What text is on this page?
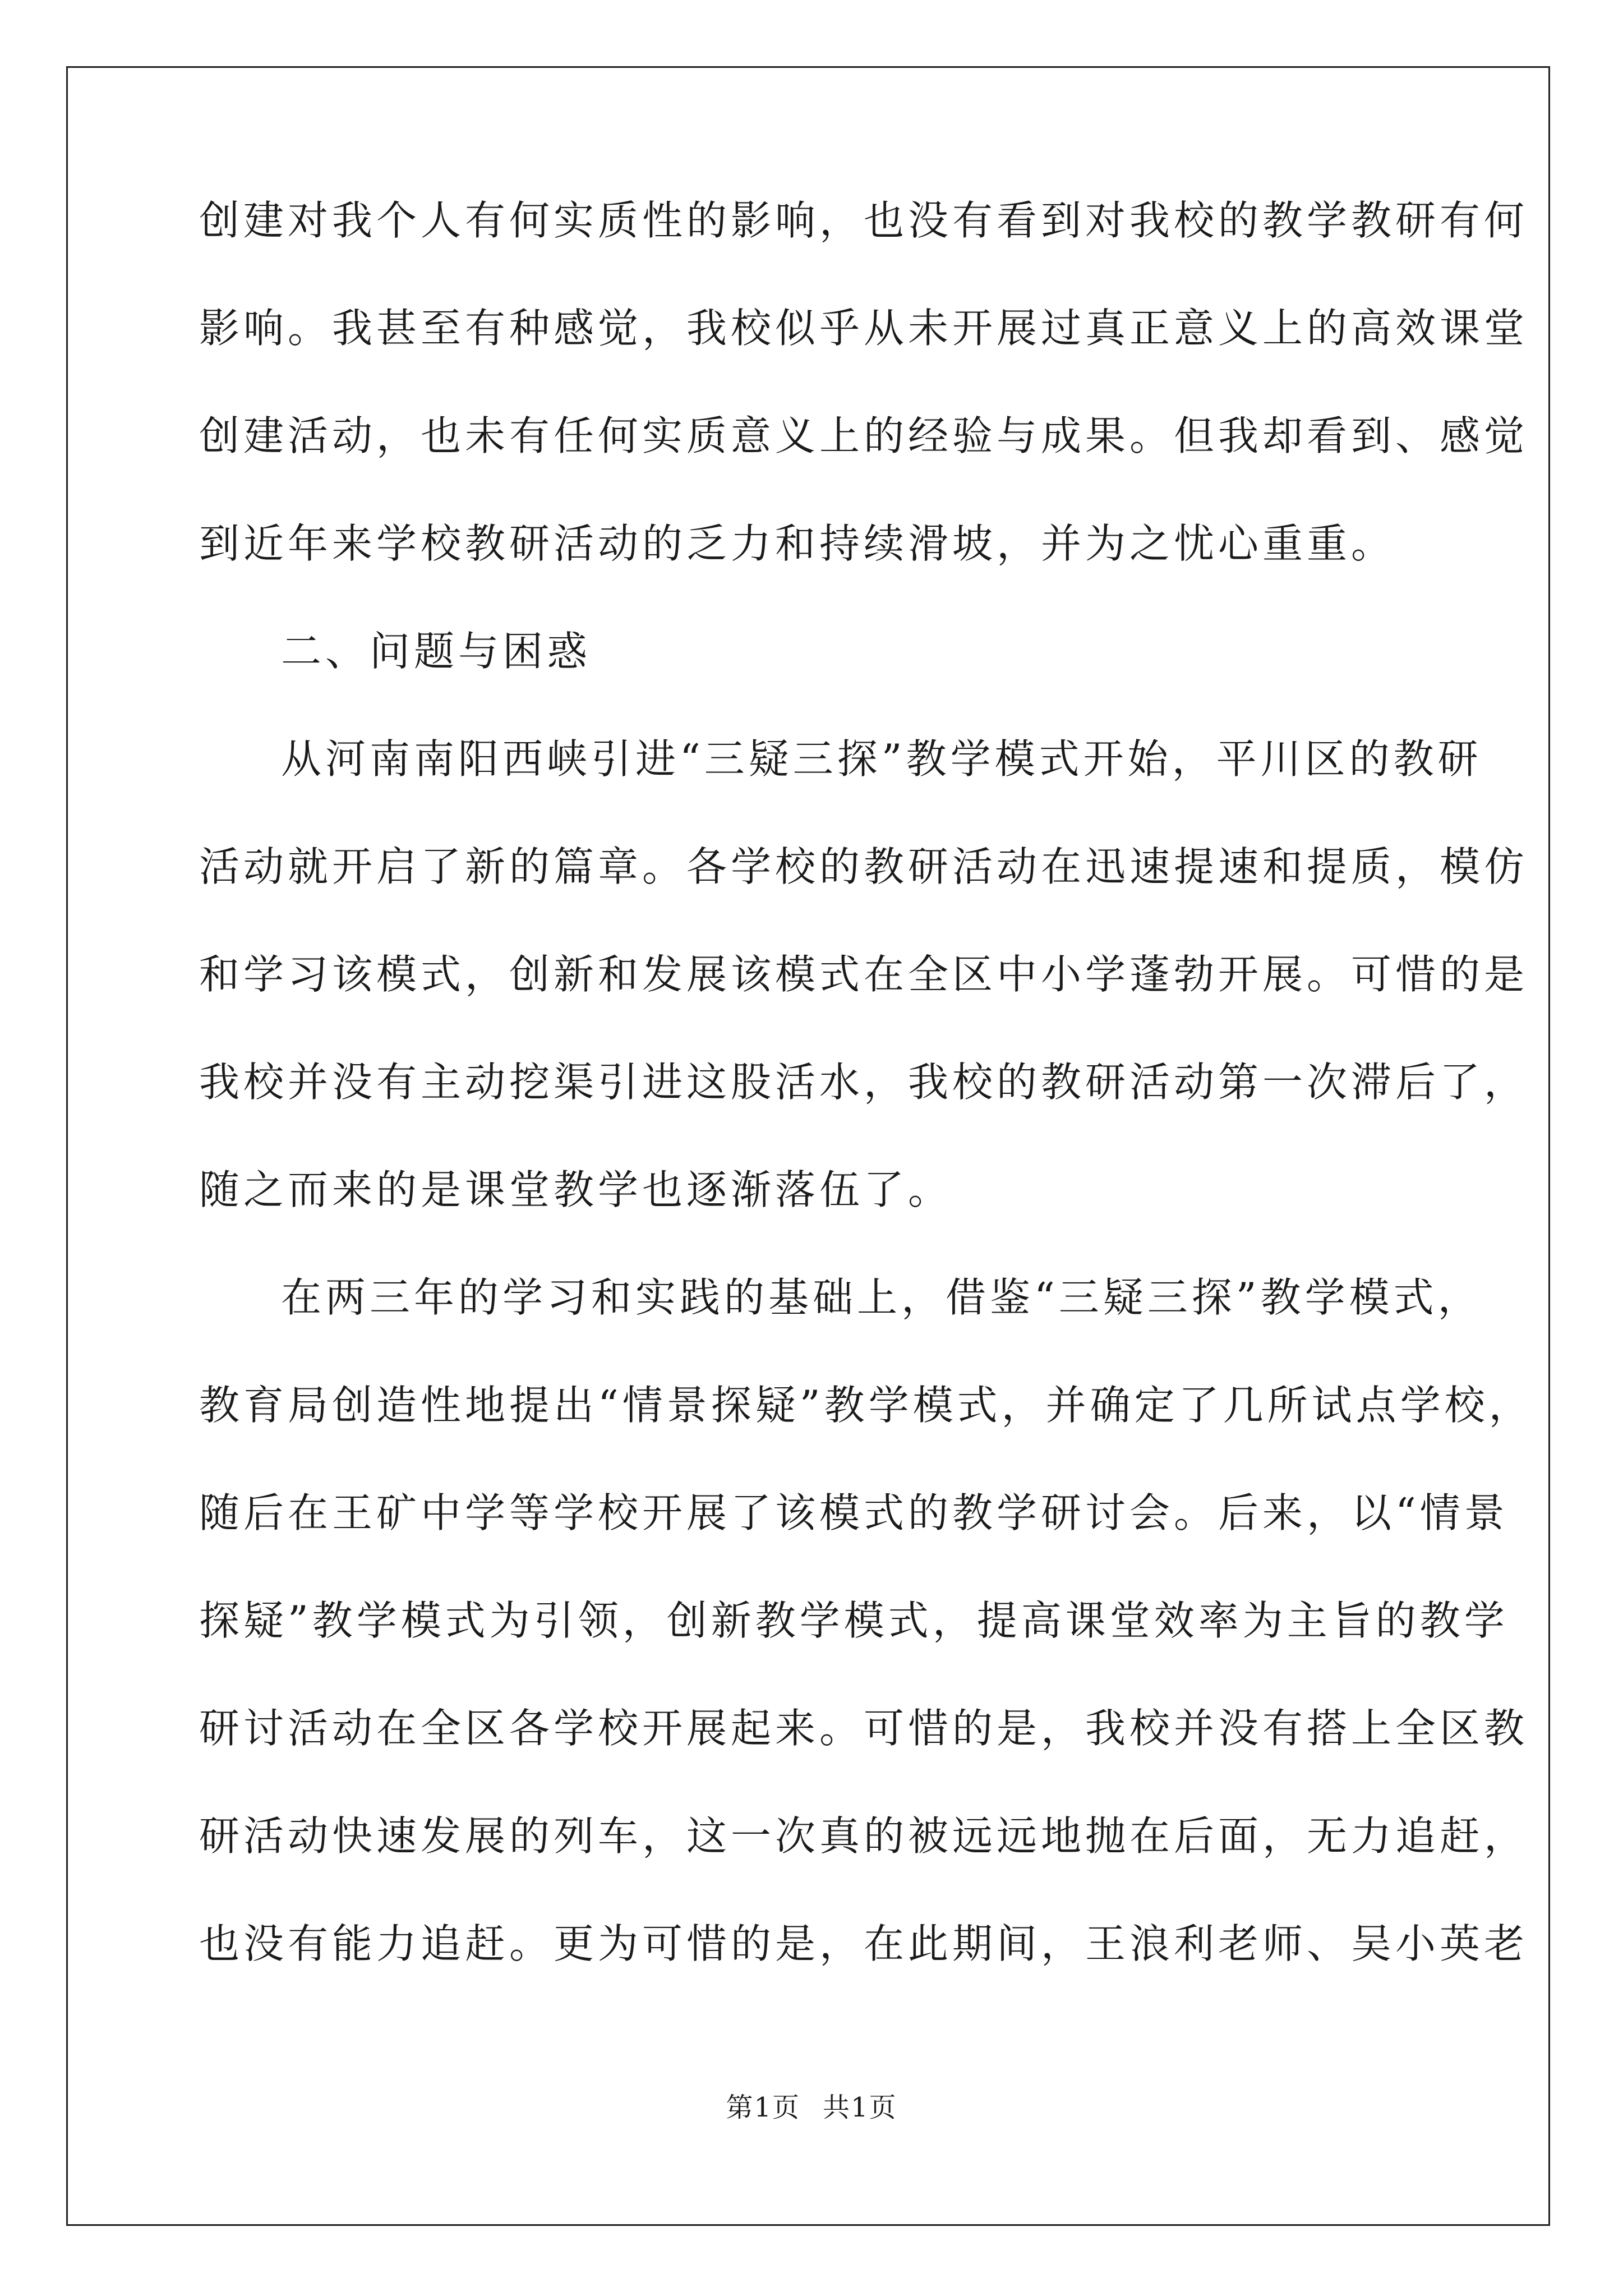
创建对我个人有何实质性的影响，也没有看到对我校的教学教研有何

影响。我甚至有种感觉，我校似乎从未开展过真正意义上的高效课堂

创建活动，也未有任何实质意义上的经验与成果。但我却看到、感觉

到近年来学校教研活动的乏力和持续滑坡，并为之忧心重重。

二、问题与困惑

从河南南阳西峡引进“三疑三探”教学模式开始，平川区的教研

活动就开启了新的篇章。各学校的教研活动在迅速提速和提质，模仿

和学习该模式，创新和发展该模式在全区中小学蓬勃开展。可惜的是

我校并没有主动挖渠引进这股活水，我校的教研活动第一次滞后了，

随之而来的是课堂教学也逐渐落伍了。

在两三年的学习和实践的基础上，借鉴“三疑三探”教学模式，

教育局创造性地提出“情景探疑”教学模式，并确定了几所试点学校，

随后在王矿中学等学校开展了该模式的教学研讨会。后来，以“情景

探疑”教学模式为引领，创新教学模式，提高课堂效率为主旨的教学

研讨活动在全区各学校开展起来。可惜的是，我校并没有搭上全区教

研活动快速发展的列车，这一次真的被远远地抛在后面，无力追赶，

也没有能力追赶。更为可惜的是，在此期间，王浪利老师、吴小英老

第1页 共1页
